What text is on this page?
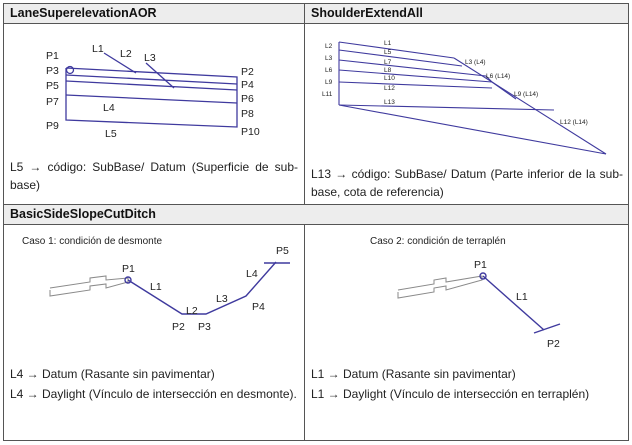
LaneSuperelevationAOR	ShoulderExtendAll
BasicSideSlopeCutDitch
P1
L1 L2 L3
P3	P2
P4
P5
P6
P7	L4	P8
P9
L5	P10
L2	L1
L3
L5
L6
L7
L9
L8
L10
L11
L13
L12
L3 (L4)
L6 (L14)
L9 (L14)
L12 (L14)
L5 → código: SubBase/ Datum (Superficie de sub-base)
L13 → código: SubBase/ Datum (Parte inferior de la sub-base, cota de referencia)
Caso 1: condición de desmonte
P1
L1
L2
P2 P3
L3
P4
L4
P5
Caso 2: condición de terraplén
P1
L1
P2
L4 → Datum (Rasante sin pavimentar)
L4 → Daylight (Vínculo de intersección en desmonte).
L1 → Datum (Rasante sin pavimentar)
L1 → Daylight (Vínculo de intersección en terraplén)
